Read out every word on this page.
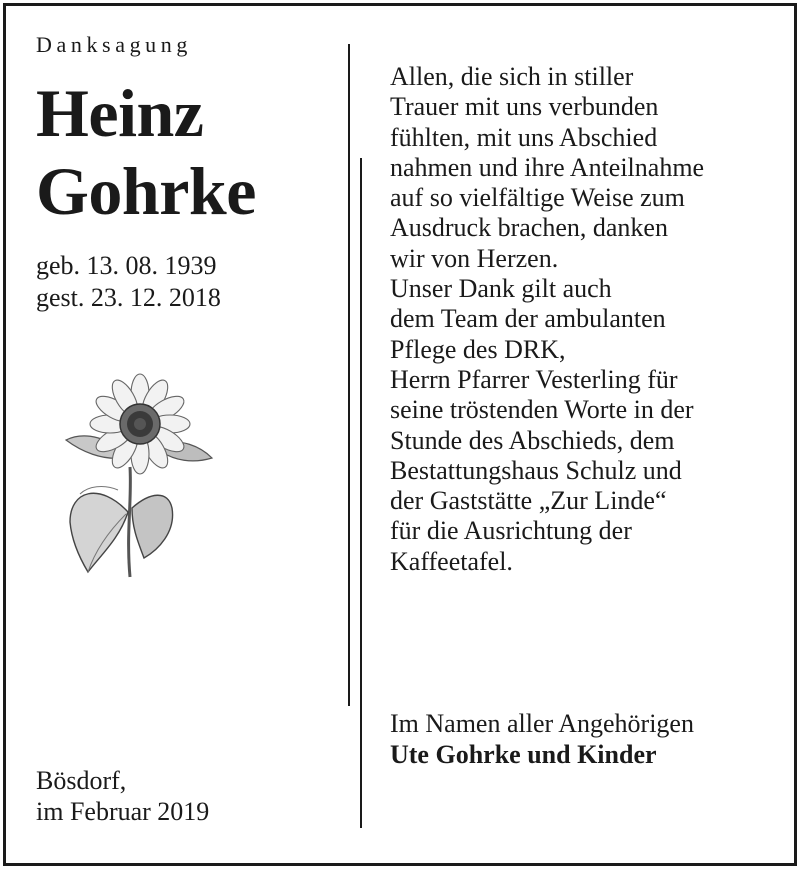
Danksagung

Heinz
Gohrke
geb. 13. 08. 1939
gest. 23. 12. 2018
Bösdorf,
im Februar 2019
Allen, die sich in stiller
Trauer mit uns verbunden
fühlten, mit uns Abschied
nahmen und ihre Anteilnahme
auf so vielfältige Weise zum
Ausdruck brachen, danken
wir von Herzen.
Unser Dank gilt auch
dem Team der ambulanten
Pflege des DRK,
Herrn Pfarrer Vesterling für
seine tröstenden Worte in der
Stunde des Abschieds, dem
Bestattungshaus Schulz und
der Gaststätte „Zur Linde“
für die Ausrichtung der
Kaffeetafel.
Im Namen aller Angehörigen
Ute Gohrke und Kinder
